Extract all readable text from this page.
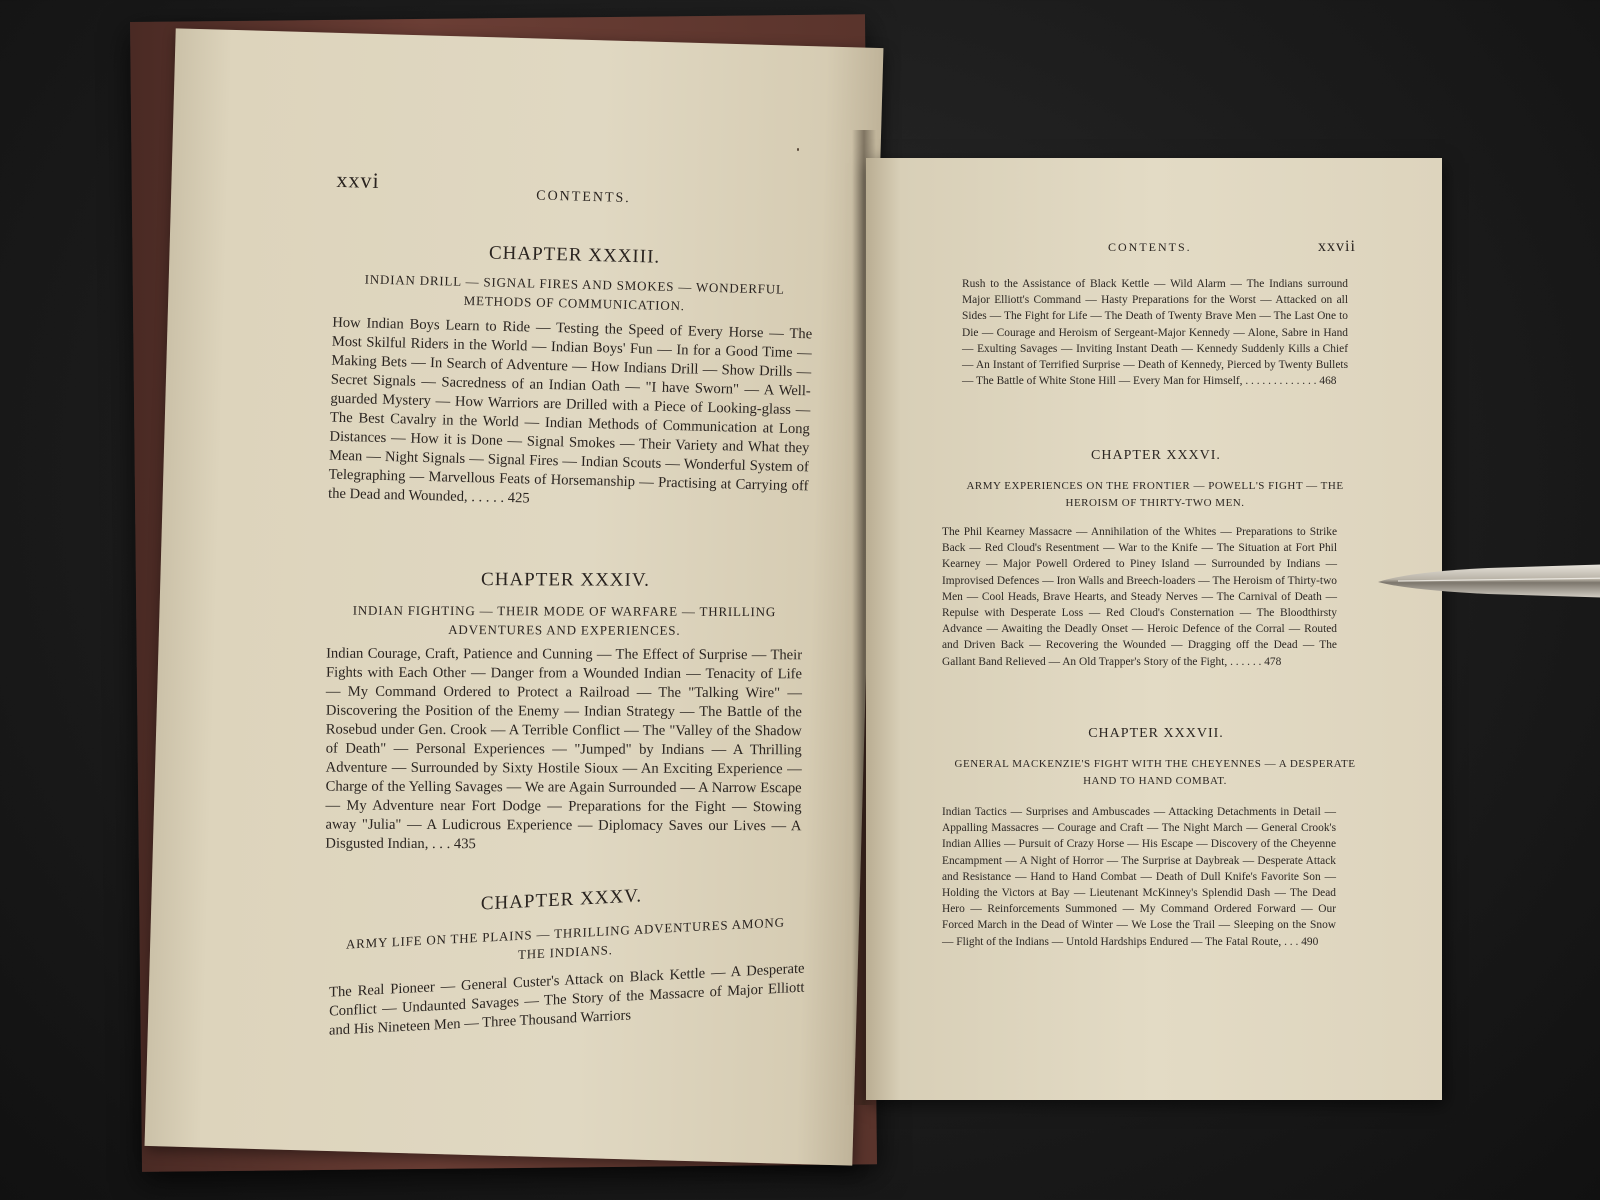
xxvi
CONTENTS.
CHAPTER XXXIII.
INDIAN DRILL — SIGNAL FIRES AND SMOKES — WONDERFUL METHODS OF COMMUNICATION.
How Indian Boys Learn to Ride — Testing the Speed of Every Horse — The Most Skilful Riders in the World — Indian Boys' Fun — In for a Good Time — Making Bets — In Search of Adventure — How Indians Drill — Show Drills — Secret Signals — Sacredness of an Indian Oath — "I have Sworn" — A Well-guarded Mystery — How Warriors are Drilled with a Piece of Looking-glass — The Best Cavalry in the World — Indian Methods of Communication at Long Distances — How it is Done — Signal Smokes — Their Variety and What they Mean — Night Signals — Signal Fires — Indian Scouts — Wonderful System of Telegraphing — Marvellous Feats of Horsemanship — Practising at Carrying off the Dead and Wounded, . . . . . 425
CHAPTER XXXIV.
INDIAN FIGHTING — THEIR MODE OF WARFARE — THRILLING ADVENTURES AND EXPERIENCES.
Indian Courage, Craft, Patience and Cunning — The Effect of Surprise — Their Fights with Each Other — Danger from a Wounded Indian — Tenacity of Life — My Command Ordered to Protect a Railroad — The "Talking Wire" — Discovering the Position of the Enemy — Indian Strategy — The Battle of the Rosebud under Gen. Crook — A Terrible Conflict — The "Valley of the Shadow of Death" — Personal Experiences — "Jumped" by Indians — A Thrilling Adventure — Surrounded by Sixty Hostile Sioux — An Exciting Experience — Charge of the Yelling Savages — We are Again Surrounded — A Narrow Escape — My Adventure near Fort Dodge — Preparations for the Fight — Stowing away "Julia" — A Ludicrous Experience — Diplomacy Saves our Lives — A Disgusted Indian, . . . 435
CHAPTER XXXV.
ARMY LIFE ON THE PLAINS — THRILLING ADVENTURES AMONG THE INDIANS.
The Real Pioneer — General Custer's Attack on Black Kettle — A Desperate Conflict — Undaunted Savages — The Story of the Massacre of Major Elliott and His Nineteen Men — Three Thousand Warriors
CONTENTS.	xxvii
Rush to the Assistance of Black Kettle — Wild Alarm — The Indians surround Major Elliott's Command — Hasty Preparations for the Worst — Attacked on all Sides — The Fight for Life — The Death of Twenty Brave Men — The Last One to Die — Courage and Heroism of Sergeant-Major Kennedy — Alone, Sabre in Hand — Exulting Savages — Inviting Instant Death — Kennedy Suddenly Kills a Chief — An Instant of Terrified Surprise — Death of Kennedy, Pierced by Twenty Bullets — The Battle of White Stone Hill — Every Man for Himself, . . . . . . . . . . . . . 468
CHAPTER XXXVI.
ARMY EXPERIENCES ON THE FRONTIER — POWELL'S FIGHT — THE HEROISM OF THIRTY-TWO MEN.
The Phil Kearney Massacre — Annihilation of the Whites — Preparations to Strike Back — Red Cloud's Resentment — War to the Knife — The Situation at Fort Phil Kearney — Major Powell Ordered to Piney Island — Surrounded by Indians — Improvised Defences — Iron Walls and Breech-loaders — The Heroism of Thirty-two Men — Cool Heads, Brave Hearts, and Steady Nerves — The Carnival of Death — Repulse with Desperate Loss — Red Cloud's Consternation — The Bloodthirsty Advance — Awaiting the Deadly Onset — Heroic Defence of the Corral — Routed and Driven Back — Recovering the Wounded — Dragging off the Dead — The Gallant Band Relieved — An Old Trapper's Story of the Fight, . . . . . . 478
CHAPTER XXXVII.
GENERAL MACKENZIE'S FIGHT WITH THE CHEYENNES — A DESPERATE HAND TO HAND COMBAT.
Indian Tactics — Surprises and Ambuscades — Attacking Detachments in Detail — Appalling Massacres — Courage and Craft — The Night March — General Crook's Indian Allies — Pursuit of Crazy Horse — His Escape — Discovery of the Cheyenne Encampment — A Night of Horror — The Surprise at Daybreak — Desperate Attack and Resistance — Hand to Hand Combat — Death of Dull Knife's Favorite Son — Holding the Victors at Bay — Lieutenant McKinney's Splendid Dash — The Dead Hero — Reinforcements Summoned — My Command Ordered Forward — Our Forced March in the Dead of Winter — We Lose the Trail — Sleeping on the Snow — Flight of the Indians — Untold Hardships Endured — The Fatal Route, . . . 490
